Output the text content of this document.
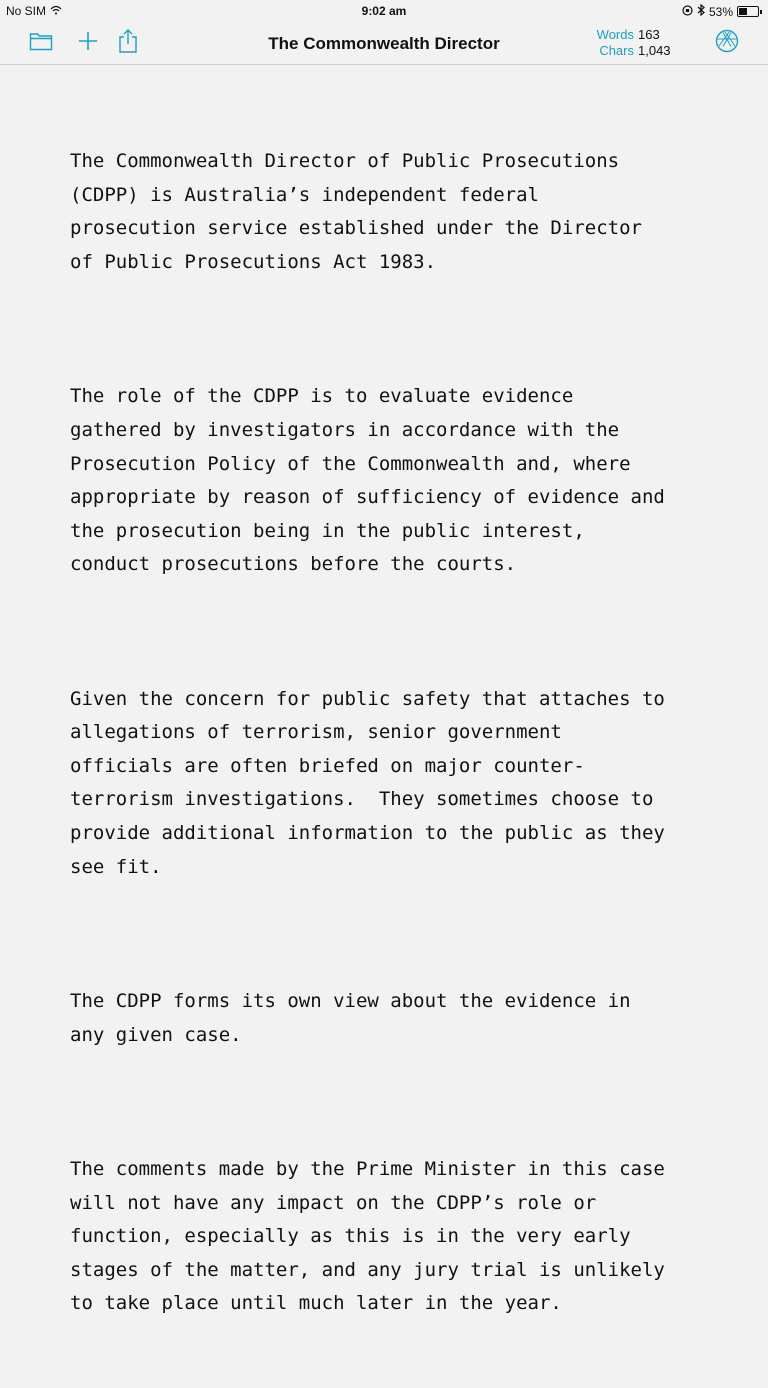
No SIM	9:02 am	53%
The Commonwealth Director	Words 163
Chars 1,043

The Commonwealth Director of Public Prosecutions
(CDPP) is Australia’s independent federal
prosecution service established under the Director
of Public Prosecutions Act 1983.

The role of the CDPP is to evaluate evidence
gathered by investigators in accordance with the
Prosecution Policy of the Commonwealth and, where
appropriate by reason of sufficiency of evidence and
the prosecution being in the public interest,
conduct prosecutions before the courts.

Given the concern for public safety that attaches to
allegations of terrorism, senior government
officials are often briefed on major counter-
terrorism investigations.  They sometimes choose to
provide additional information to the public as they
see fit.

The CDPP forms its own view about the evidence in
any given case.

The comments made by the Prime Minister in this case
will not have any impact on the CDPP’s role or
function, especially as this is in the very early
stages of the matter, and any jury trial is unlikely
to take place until much later in the year.
